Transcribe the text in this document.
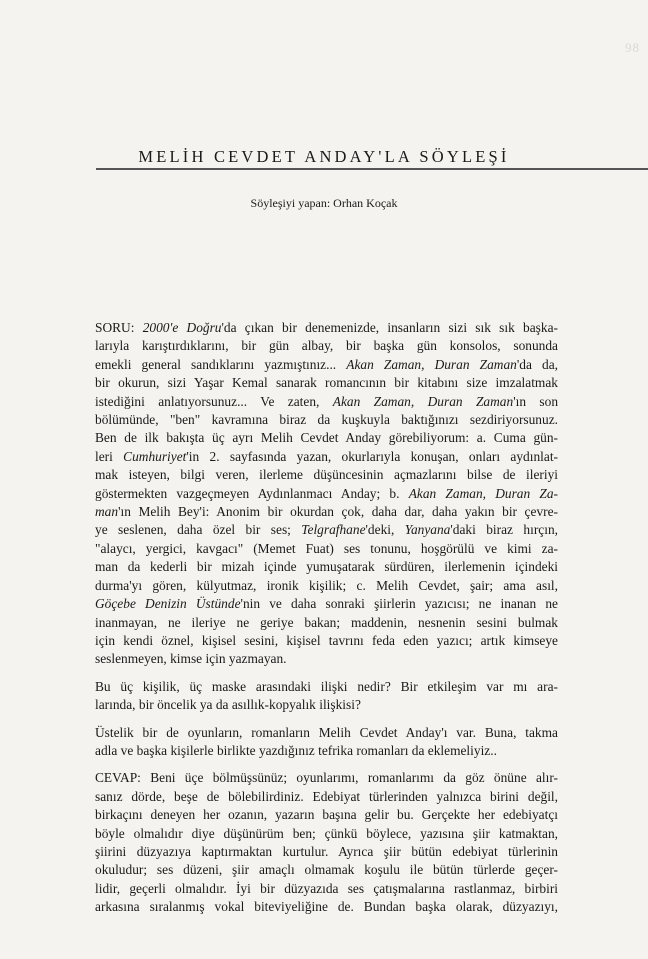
98
MELİH CEVDET ANDAY'LA SÖYLEŞİ
Söyleşiyi yapan: Orhan Koçak
SORU: 2000'e Doğru'da çıkan bir denemenizde, insanların sizi sık sık başka-
larıyla karıştırdıklarını, bir gün albay, bir başka gün konsolos, sonunda
emekli general sandıklarını yazmıştınız... Akan Zaman, Duran Zaman'da da,
bir okurun, sizi Yaşar Kemal sanarak romancının bir kitabını size imzalatmak
istediğini anlatıyorsunuz... Ve zaten, Akan Zaman, Duran Zaman'ın son
bölümünde, "ben" kavramına biraz da kuşkuyla baktığınızı sezdiriyorsunuz.
Ben de ilk bakışta üç ayrı Melih Cevdet Anday görebiliyorum: a. Cuma gün-
leri Cumhuriyet'in 2. sayfasında yazan, okurlarıyla konuşan, onları aydınlat-
mak isteyen, bilgi veren, ilerleme düşüncesinin açmazlarını bilse de ileriyi
göstermekten vazgeçmeyen Aydınlanmacı Anday; b. Akan Zaman, Duran Za-
man'ın Melih Bey'i: Anonim bir okurdan çok, daha dar, daha yakın bir çevre-
ye seslenen, daha özel bir ses; Telgrafhane'deki, Yanyana'daki biraz hırçın,
"alaycı, yergici, kavgacı" (Memet Fuat) ses tonunu, hoşgörülü ve kimi za-
man da kederli bir mizah içinde yumuşatarak sürdüren, ilerlemenin içindeki
durma'yı gören, külyutmaz, ironik kişilik; c. Melih Cevdet, şair; ama asıl,
Göçebe Denizin Üstünde'nin ve daha sonraki şiirlerin yazıcısı; ne inanan ne
inanmayan, ne ileriye ne geriye bakan; maddenin, nesnenin sesini bulmak
için kendi öznel, kişisel sesini, kişisel tavrını feda eden yazıcı; artık kimseye
seslenmeyen, kimse için yazmayan.
Bu üç kişilik, üç maske arasındaki ilişki nedir? Bir etkileşim var mı ara-
larında, bir öncelik ya da asıllık-kopyalık ilişkisi?
Üstelik bir de oyunların, romanların Melih Cevdet Anday'ı var. Buna, takma
adla ve başka kişilerle birlikte yazdığınız tefrika romanları da eklemeliyiz..
CEVAP: Beni üçe bölmüşsünüz; oyunlarımı, romanlarımı da göz önüne alır-
sanız dörde, beşe de bölebilirdiniz. Edebiyat türlerinden yalnızca birini değil,
birkaçını deneyen her ozanın, yazarın başına gelir bu. Gerçekte her edebiyatçı
böyle olmalıdır diye düşünürüm ben; çünkü böylece, yazısına şiir katmaktan,
şiirini düzyazıya kaptırmaktan kurtulur. Ayrıca şiir bütün edebiyat türlerinin
okuludur; ses düzeni, şiir amaçlı olmamak koşulu ile bütün türlerde geçer-
lidir, geçerli olmalıdır. İyi bir düzyazıda ses çatışmalarına rastlanmaz, birbiri
arkasına sıralanmış vokal biteviyeliğine de. Bundan başka olarak, düzyazıyı,
